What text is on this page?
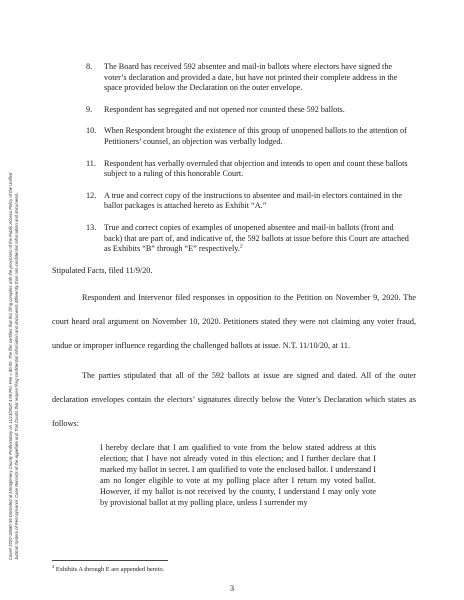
Case# 2020-18680-36 Docketed at Montgomery County Prothonotary on 11/13/2020 4:06 PM, Fee = $0.00. The filer certifies that this filing complies with the provisions of the Public Access Policy of the Unified Judicial System of Pennsylvania: Case Records of the Appellate and Trial Courts that require filing confidential information and documents differently than non-confidential information and documents.
8. The Board has received 592 absentee and mail-in ballots where electors have signed the voter’s declaration and provided a date, but have not printed their complete address in the space provided below the Declaration on the outer envelope.
9. Respondent has segregated and not opened nor counted these 592 ballots.
10. When Respondent brought the existence of this group of unopened ballots to the attention of Petitioners’ counsel, an objection was verbally lodged.
11. Respondent has verbally overruled that objection and intends to open and count these ballots subject to a ruling of this honorable Court.
12. A true and correct copy of the instructions to absentee and mail-in electors contained in the ballot packages is attached hereto as Exhibit “A.”
13. True and correct copies of examples of unopened absentee and mail-in ballots (front and back) that are part of, and indicative of, the 592 ballots at issue before this Court are attached as Exhibits “B” through “E” respectively.$^2$
Stipulated Facts, filed 11/9/20.
Respondent and Intervenor filed responses in opposition to the Petition on November 9, 2020. The court heard oral argument on November 10, 2020. Petitioners stated they were not claiming any voter fraud, undue or improper influence regarding the challenged ballots at issue. N.T. 11/10/20, at 11.
The parties stipulated that all of the 592 ballots at issue are signed and dated. All of the outer declaration envelopes contain the electors’ signatures directly below the Voter’s Declaration which states as follows:
I hereby declare that I am qualified to vote from the below stated address at this election; that I have not already voted in this election; and I further declare that I marked my ballot in secret. I am qualified to vote the enclosed ballot. I understand I am no longer eligible to vote at my polling place after I return my voted ballot. However, if my ballot is not received by the county, I understand I may only vote by provisional ballot at my polling place, unless I surrender my
$^2$ Exhibits A through E are appended hereto.
3
